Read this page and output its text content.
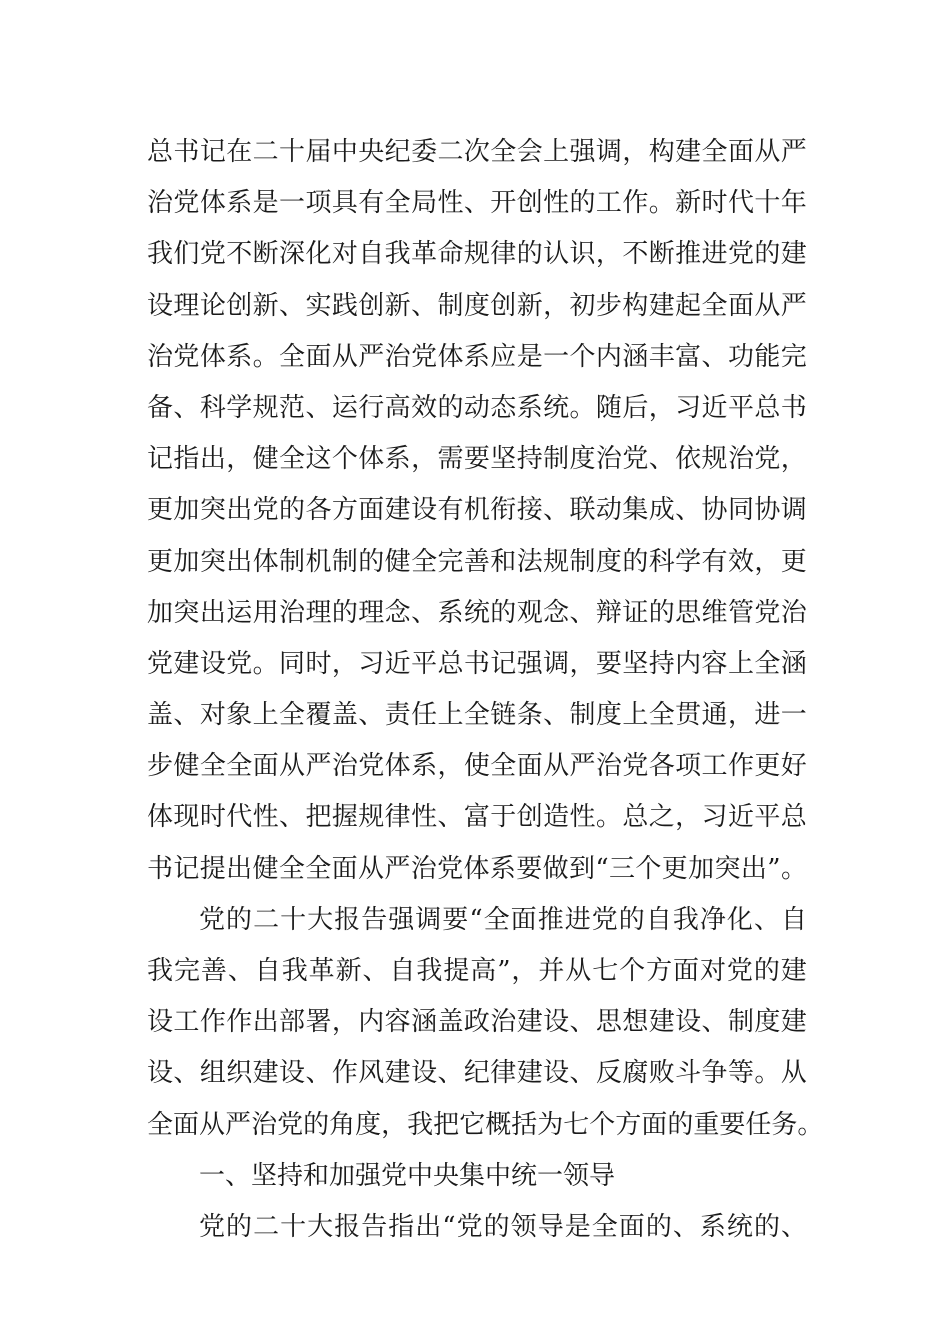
总 书 记 在 二 十 届 中 央 纪 委 二 次 全 会 上 强 调 ， 构 建 全 面 从 严
治 党 体 系 是 一 项 具 有 全 局 性 、 开 创 性 的 工 作 。 新 时 代 十 年
我 们 党 不 断 深 化 对 自 我 革 命 规 律 的 认 识 ， 不 断 推 进 党 的 建
设 理 论 创 新 、 实 践 创 新 、 制 度 创 新 ， 初 步 构 建 起 全 面 从 严
治 党 体 系 。 全 面 从 严 治 党 体 系 应 是 一 个 内 涵 丰 富 、 功 能 完
备 、 科 学 规 范 、 运 行 高 效 的 动 态 系 统 。 随 后 ， 习 近 平 总 书
记 指 出 ， 健 全 这 个 体 系 ， 需 要 坚 持 制 度 治 党 、 依 规 治 党 ，
更 加 突 出 党 的 各 方 面 建 设 有 机 衔 接 、 联 动 集 成 、 协 同 协 调
更 加 突 出 体 制 机 制 的 健 全 完 善 和 法 规 制 度 的 科 学 有 效 ， 更
加 突 出 运 用 治 理 的 理 念 、 系 统 的 观 念 、 辩 证 的 思 维 管 党 治
党 建 设 党 。 同 时 ， 习 近 平 总 书 记 强 调 ， 要 坚 持 内 容 上 全 涵
盖 、 对 象 上 全 覆 盖 、 责 任 上 全 链 条 、 制 度 上 全 贯 通 ， 进 一
步 健 全 全 面 从 严 治 党 体 系 ， 使 全 面 从 严 治 党 各 项 工 作 更 好
体 现 时 代 性 、 把 握 规 律 性 、 富 于 创 造 性 。 总 之 ， 习 近 平 总
书 记 提 出 健 全 全 面 从 严 治 党 体 系 要 做 到 “ 三 个 更 加 突 出 ” 。
党 的 二 十 大 报 告 强 调 要 “ 全 面 推 进 党 的 自 我 净 化 、 自
我 完 善 、 自 我 革 新 、 自 我 提 高 ” ， 并 从 七 个 方 面 对 党 的 建
设 工 作 作 出 部 署 ， 内 容 涵 盖 政 治 建 设 、 思 想 建 设 、 制 度 建
设 、 组 织 建 设 、 作 风 建 设 、 纪 律 建 设 、 反 腐 败 斗 争 等 。 从
全 面 从 严 治 党 的 角 度 ， 我 把 它 概 括 为 七 个 方 面 的 重 要 任 务 。
一、坚持和加强党中央集中统一领导
党 的 二 十 大 报 告 指 出 “ 党 的 领 导 是 全 面 的 、 系 统 的 、
